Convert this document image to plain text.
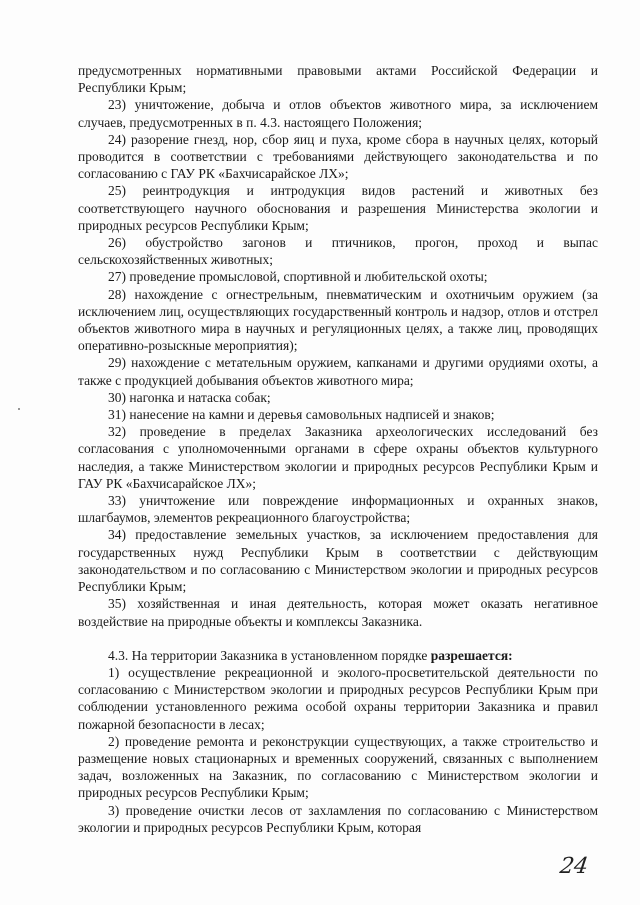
предусмотренных нормативными правовыми актами Российской Федерации и Республики Крым;

23) уничтожение, добыча и отлов объектов животного мира, за исключением случаев, предусмотренных в п. 4.3. настоящего Положения;

24) разорение гнезд, нор, сбор яиц и пуха, кроме сбора в научных целях, который проводится в соответствии с требованиями действующего законодательства и по согласованию с ГАУ РК «Бахчисарайское ЛХ»;

25) реинтродукция и интродукция видов растений и животных без соответствующего научного обоснования и разрешения Министерства экологии и природных ресурсов Республики Крым;

26) обустройство загонов и птичников, прогон, проход и выпас сельскохозяйственных животных;

27) проведение промысловой, спортивной и любительской охоты;

28) нахождение с огнестрельным, пневматическим и охотничьим оружием (за исключением лиц, осуществляющих государственный контроль и надзор, отлов и отстрел объектов животного мира в научных и регуляционных целях, а также лиц, проводящих оперативно-розыскные мероприятия);

29) нахождение с метательным оружием, капканами и другими орудиями охоты, а также с продукцией добывания объектов животного мира;

30) нагонка и натаска собак;

31) нанесение на камни и деревья самовольных надписей и знаков;

32) проведение в пределах Заказника археологических исследований без согласования с уполномоченными органами в сфере охраны объектов культурного наследия, а также Министерством экологии и природных ресурсов Республики Крым и ГАУ РК «Бахчисарайское ЛХ»;

33) уничтожение или повреждение информационных и охранных знаков, шлагбаумов, элементов рекреационного благоустройства;

34) предоставление земельных участков, за исключением предоставления для государственных нужд Республики Крым в соответствии с действующим законодательством и по согласованию с Министерством экологии и природных ресурсов Республики Крым;

35) хозяйственная и иная деятельность, которая может оказать негативное воздействие на природные объекты и комплексы Заказника.

4.3. На территории Заказника в установленном порядке разрешается:

1) осуществление рекреационной и эколого-просветительской деятельности по согласованию с Министерством экологии и природных ресурсов Республики Крым при соблюдении установленного режима особой охраны территории Заказника и правил пожарной безопасности в лесах;

2) проведение ремонта и реконструкции существующих, а также строительство и размещение новых стационарных и временных сооружений, связанных с выполнением задач, возложенных на Заказник, по согласованию с Министерством экологии и природных ресурсов Республики Крым;

3) проведение очистки лесов от захламления по согласованию с Министерством экологии и природных ресурсов Республики Крым, которая

24
